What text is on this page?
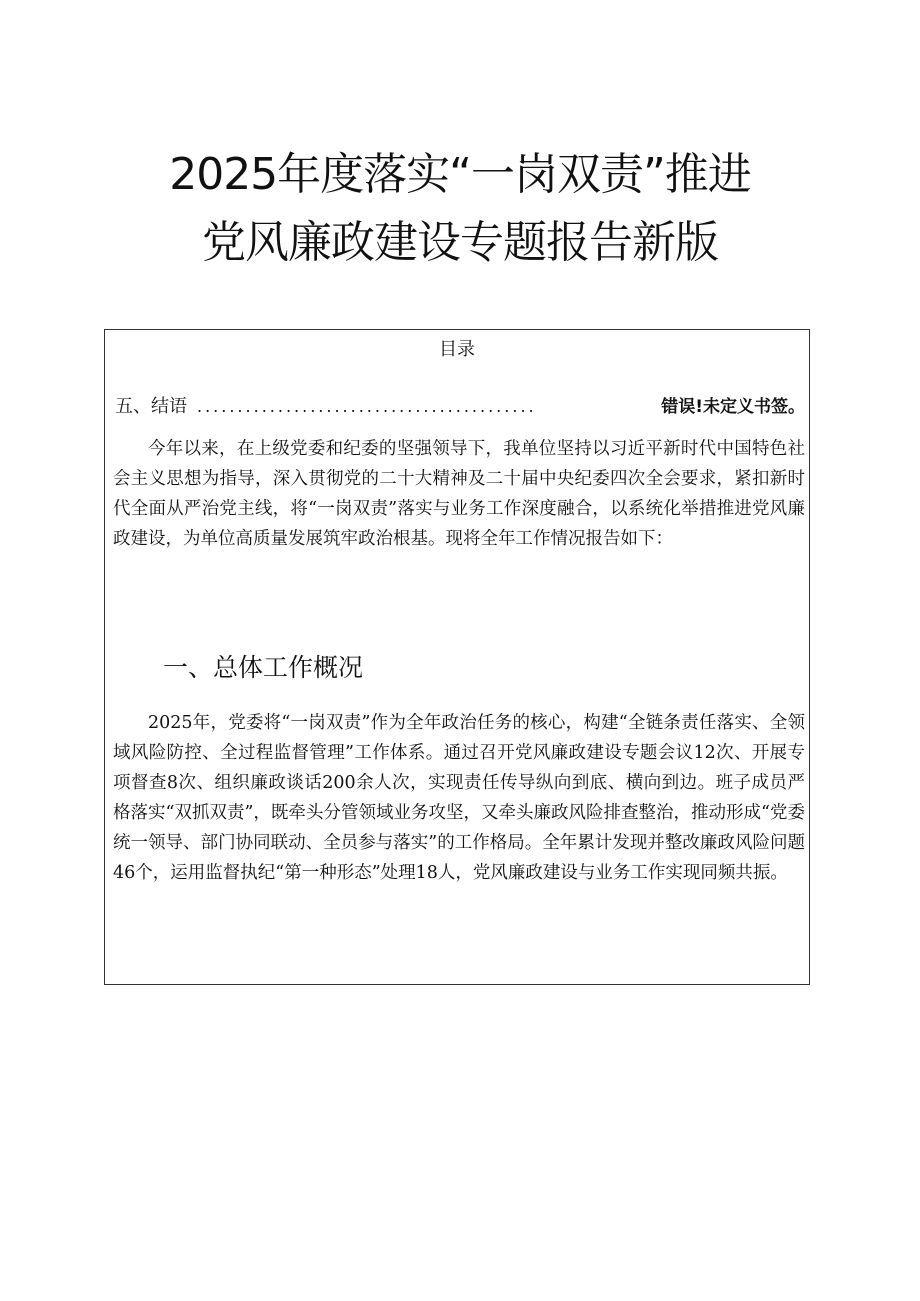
2025年度落实“一岗双责”推进
党风廉政建设专题报告新版
目录
五、结语 ..........................................	错误!未定义书签。

今年以来，在上级党委和纪委的坚强领导下，我单位坚持以习近平新时代中国特色社会主义思想为指导，深入贯彻党的二十大精神及二十届中央纪委四次全会要求，紧扣新时代全面从严治党主线，将“一岗双责”落实与业务工作深度融合，以系统化举措推进党风廉政建设，为单位高质量发展筑牢政治根基。现将全年工作情况报告如下：

一、总体工作概况

2025年，党委将“一岗双责”作为全年政治任务的核心，构建“全链条责任落实、全领域风险防控、全过程监督管理”工作体系。通过召开党风廉政建设专题会议12次、开展专项督查8次、组织廉政谈话200余人次，实现责任传导纵向到底、横向到边。班子成员严格落实“双抓双责”，既牵头分管领域业务攻坚，又牵头廉政风险排查整治，推动形成“党委统一领导、部门协同联动、全员参与落实”的工作格局。全年累计发现并整改廉政风险问题46个，运用监督执纪“第一种形态”处理18人，党风廉政建设与业务工作实现同频共振。
